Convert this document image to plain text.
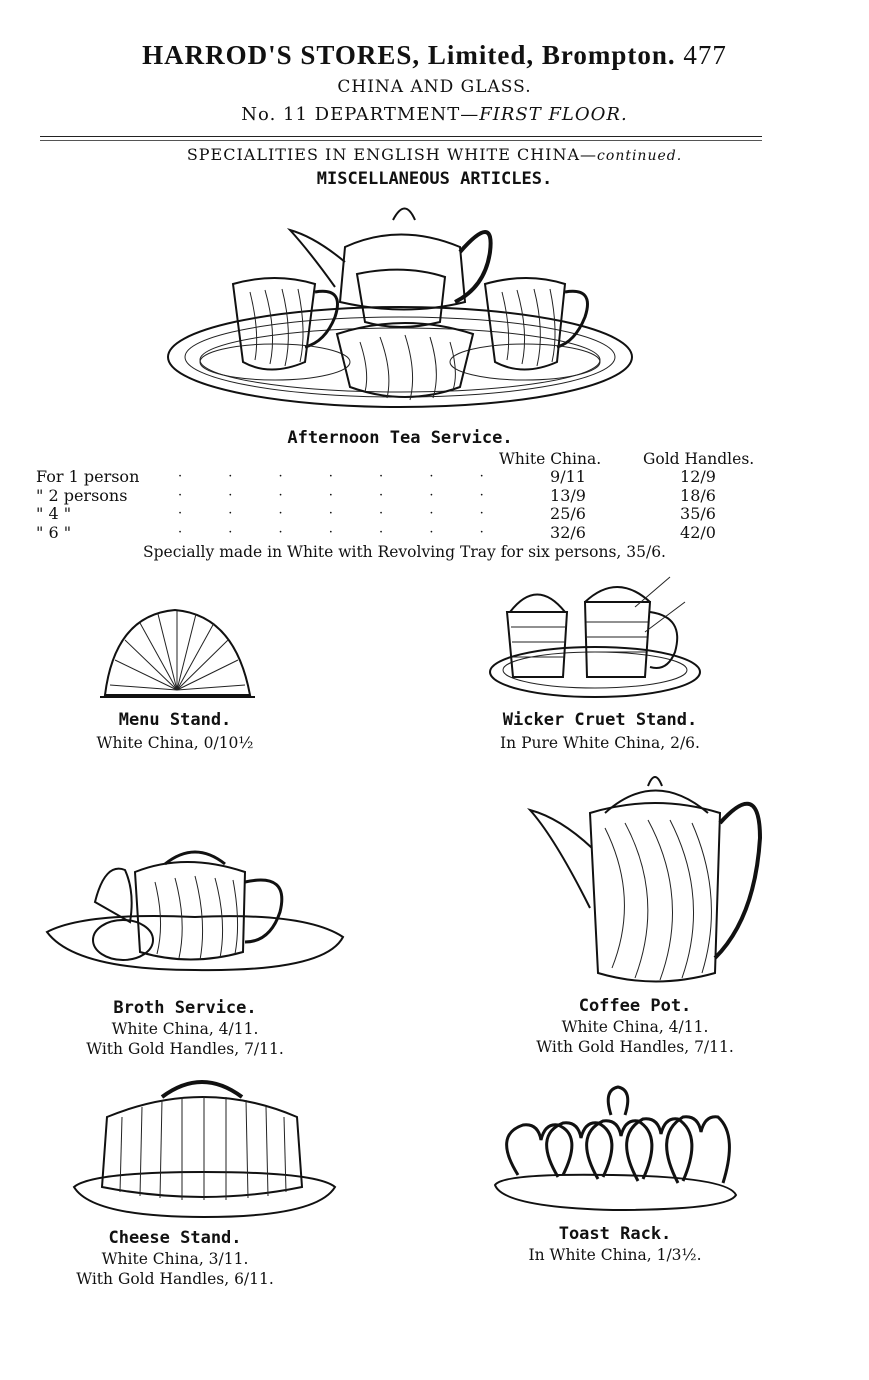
HARROD'S STORES, Limited, Brompton. 477
CHINA AND GLASS.
No. 11 DEPARTMENT—FIRST FLOOR.
SPECIALITIES IN ENGLISH WHITE CHINA—continued.
MISCELLANEOUS ARTICLES.
Afternoon Tea Service.
White China.	Gold Handles.
For 1 person	· · · · · · ·	9/11	12/9
" 2 persons	· · · · · · ·	13/9	18/6
" 4 "	· · · · · · ·	25/6	35/6
" 6 "	· · · · · · ·	32/6	42/0
Specially made in White with Revolving Tray for six persons, 35/6.
Menu Stand.
White China, 0/10½
Wicker Cruet Stand.
In Pure White China, 2/6.
Broth Service.
White China, 4/11.
With Gold Handles, 7/11.
Coffee Pot.
White China, 4/11.
With Gold Handles, 7/11.
Cheese Stand.
White China, 3/11.
With Gold Handles, 6/11.
Toast Rack.
In White China, 1/3½.
